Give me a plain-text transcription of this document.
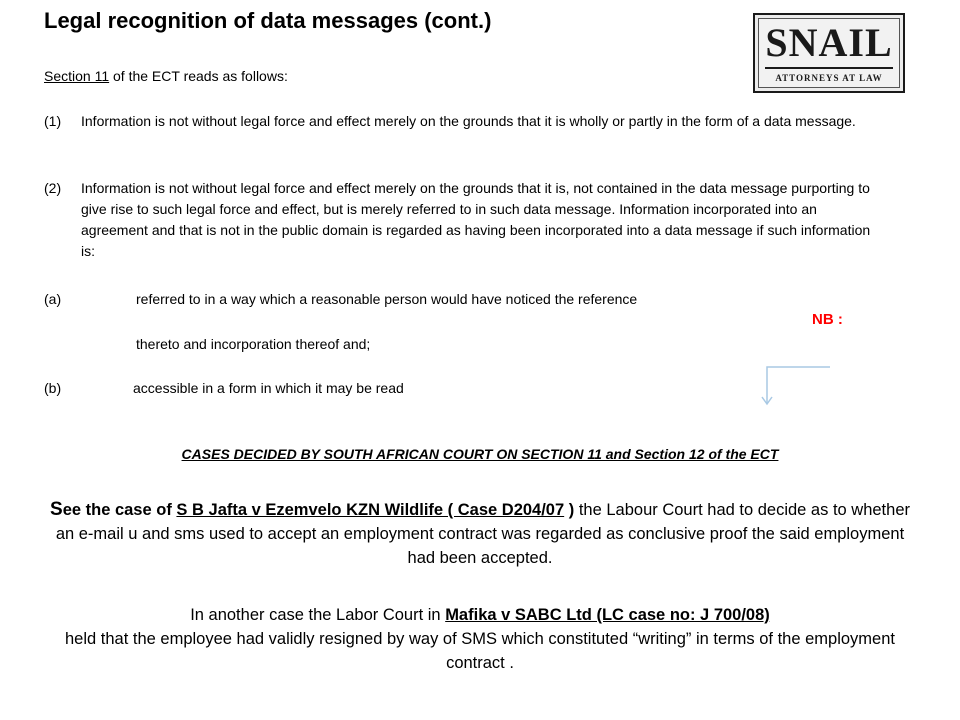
Legal recognition of data messages (cont.)	SNAIL
ATTORNEYS AT LAW
Section 11 of the ECT reads as follows:
(1) Information is not without legal force and effect merely on the grounds that it is wholly or partly in the form of a data message.
(2) Information is not without legal force and effect merely on the grounds that it is, not contained in the data message purporting to give rise to such legal force and effect, but is merely referred to in such data message. Information incorporated into an agreement and that is not in the public domain is regarded as having been incorporated into a data message if such information is:
(a)	referred to in a way which a reasonable person would have noticed the reference
thereto and incorporation thereof and;
(b)	accessible in a form in which it may be read
NB :

CASES DECIDED BY SOUTH AFRICAN COURT ON SECTION 11 and Section 12 of the ECT

See the case of S B Jafta v Ezemvelo KZN Wildlife ( Case D204/07 ) the Labour Court had to decide as to whether an e-mail u and sms used to accept an employment contract was regarded as conclusive proof the said employment had been accepted.

In another case the Labor Court in Mafika v SABC Ltd (LC case no: J 700/08)
held that the employee had validly resigned by way of SMS which constituted “writing” in terms of the employment contract .
